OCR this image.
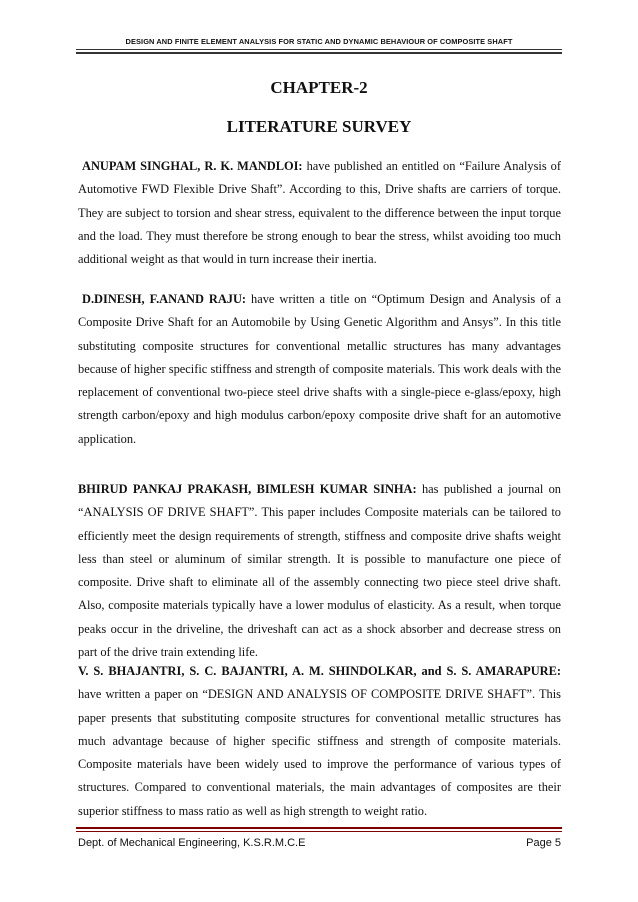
DESIGN AND FINITE ELEMENT ANALYSIS FOR STATIC AND DYNAMIC BEHAVIOUR OF COMPOSITE SHAFT
CHAPTER-2
LITERATURE SURVEY

ANUPAM SINGHAL, R. K. MANDLOI: have published an entitled on “Failure Analysis of Automotive FWD Flexible Drive Shaft”. According to this, Drive shafts are carriers of torque. They are subject to torsion and shear stress, equivalent to the difference between the input torque and the load. They must therefore be strong enough to bear the stress, whilst avoiding too much additional weight as that would in turn increase their inertia.

D.DINESH, F.ANAND RAJU: have written a title on “Optimum Design and Analysis of a Composite Drive Shaft for an Automobile by Using Genetic Algorithm and Ansys”. In this title substituting composite structures for conventional metallic structures has many advantages because of higher specific stiffness and strength of composite materials. This work deals with the replacement of conventional two-piece steel drive shafts with a single-piece e-glass/epoxy, high strength carbon/epoxy and high modulus carbon/epoxy composite drive shaft for an automotive application.

BHIRUD PANKAJ PRAKASH, BIMLESH KUMAR SINHA: has published a journal on “ANALYSIS OF DRIVE SHAFT”. This paper includes Composite materials can be tailored to efficiently meet the design requirements of strength, stiffness and composite drive shafts weight less than steel or aluminum of similar strength. It is possible to manufacture one piece of composite. Drive shaft to eliminate all of the assembly connecting two piece steel drive shaft. Also, composite materials typically have a lower modulus of elasticity. As a result, when torque peaks occur in the driveline, the driveshaft can act as a shock absorber and decrease stress on part of the drive train extending life.

V. S. BHAJANTRI, S. C. BAJANTRI, A. M. SHINDOLKAR, and S. S. AMARAPURE: have written a paper on “DESIGN AND ANALYSIS OF COMPOSITE DRIVE SHAFT”. This paper presents that substituting composite structures for conventional metallic structures has much advantage because of higher specific stiffness and strength of composite materials. Composite materials have been widely used to improve the performance of various types of structures. Compared to conventional materials, the main advantages of composites are their superior stiffness to mass ratio as well as high strength to weight ratio.

Dept. of Mechanical Engineering, K.S.R.M.C.E	Page 5
